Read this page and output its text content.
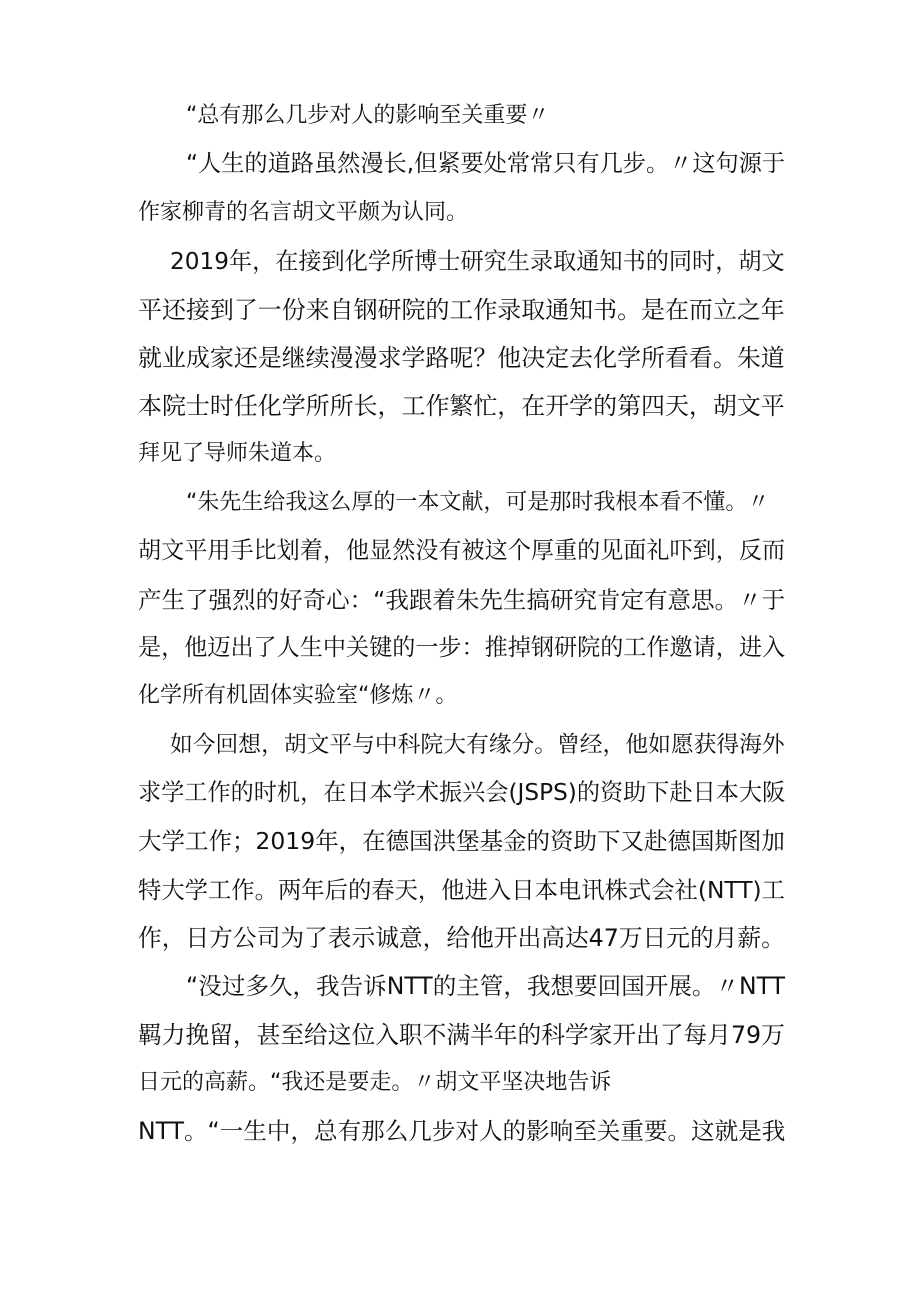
“总有那么几步对人的影响至关重要〃
“人生的道路虽然漫长,但紧要处常常只有几步。〃这句源于
作家柳青的名言胡文平颇为认同。
2019年，在接到化学所博士研究生录取通知书的同时，胡文
平还接到了一份来自钢研院的工作录取通知书。是在而立之年
就业成家还是继续漫漫求学路呢？他决定去化学所看看。朱道
本院士时任化学所所长，工作繁忙，在开学的第四天，胡文平
拜见了导师朱道本。
“朱先生给我这么厚的一本文献，可是那时我根本看不懂。〃
胡文平用手比划着，他显然没有被这个厚重的见面礼吓到，反而
产生了强烈的好奇心：“我跟着朱先生搞研究肯定有意思。〃于
是，他迈出了人生中关键的一步：推掉钢研院的工作邀请，进入
化学所有机固体实验室“修炼〃。
如今回想，胡文平与中科院大有缘分。曾经，他如愿获得海外
求学工作的时机，在日本学术振兴会(JSPS)的资助下赴日本大阪
大学工作；2019年，在德国洪堡基金的资助下又赴德国斯图加
特大学工作。两年后的春天，他进入日本电讯株式会社(NTT)工
作，日方公司为了表示诚意，给他开出高达47万日元的月薪。
“没过多久，我告诉NTT的主管，我想要回国开展。〃NTT
羁力挽留，甚至给这位入职不满半年的科学家开出了每月79万
日元的高薪。“我还是要走。〃胡文平坚决地告诉
NTT。“一生中，总有那么几步对人的影响至关重要。这就是我
